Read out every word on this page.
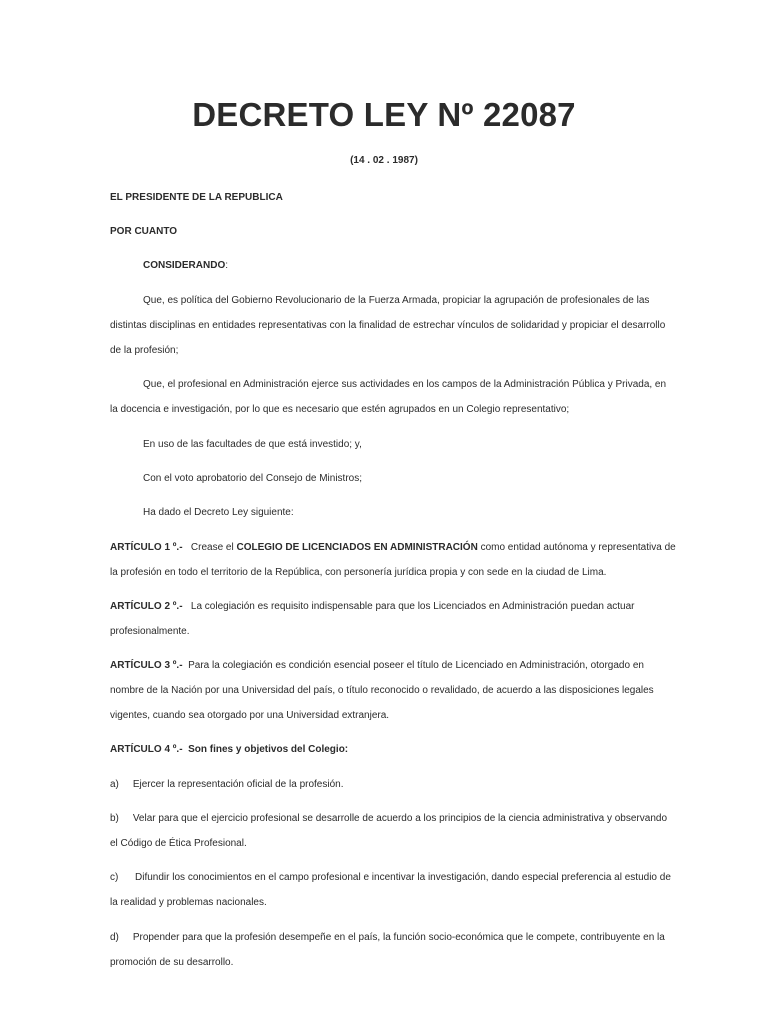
DECRETO LEY Nº 22087
(14 . 02 . 1987)
EL PRESIDENTE DE LA REPUBLICA
POR CUANTO
CONSIDERANDO:
Que, es política del Gobierno Revolucionario de la Fuerza Armada, propiciar la agrupación de profesionales de las
distintas disciplinas en entidades representativas con la finalidad de estrechar vínculos de solidaridad y propiciar el desarrollo
de la profesión;
Que, el profesional en Administración ejerce sus actividades en los campos de la Administración Pública y Privada, en
la docencia e investigación, por lo que es necesario que estén agrupados en un Colegio representativo;
En uso de las facultades de que está investido; y,
Con el voto aprobatorio del Consejo de Ministros;
Ha dado el Decreto Ley siguiente:
ARTÍCULO 1 º.- Crease el COLEGIO DE LICENCIADOS EN ADMINISTRACIÓN como entidad autónoma y representativa de
la profesión en todo el territorio de la República, con personería jurídica propia y con sede en la ciudad de Lima.
ARTÍCULO 2 º.- La colegiación es requisito indispensable para que los Licenciados en Administración puedan actuar
profesionalmente.
ARTÍCULO 3 º.- Para la colegiación es condición esencial poseer el título de Licenciado en Administración, otorgado en
nombre de la Nación por una Universidad del país, o título reconocido o revalidado, de acuerdo a las disposiciones legales
vigentes, cuando sea otorgado por una Universidad extranjera.
ARTÍCULO 4 º.- Son fines y objetivos del Colegio:
a) Ejercer la representación oficial de la profesión.
b) Velar para que el ejercicio profesional se desarrolle de acuerdo a los principios de la ciencia administrativa y observando
el Código de Ética Profesional.
c) Difundir los conocimientos en el campo profesional e incentivar la investigación, dando especial preferencia al estudio de
la realidad y problemas nacionales.
d) Propender para que la profesión desempeñe en el país, la función socio-económica que le compete, contribuyente en la
promoción de su desarrollo.
